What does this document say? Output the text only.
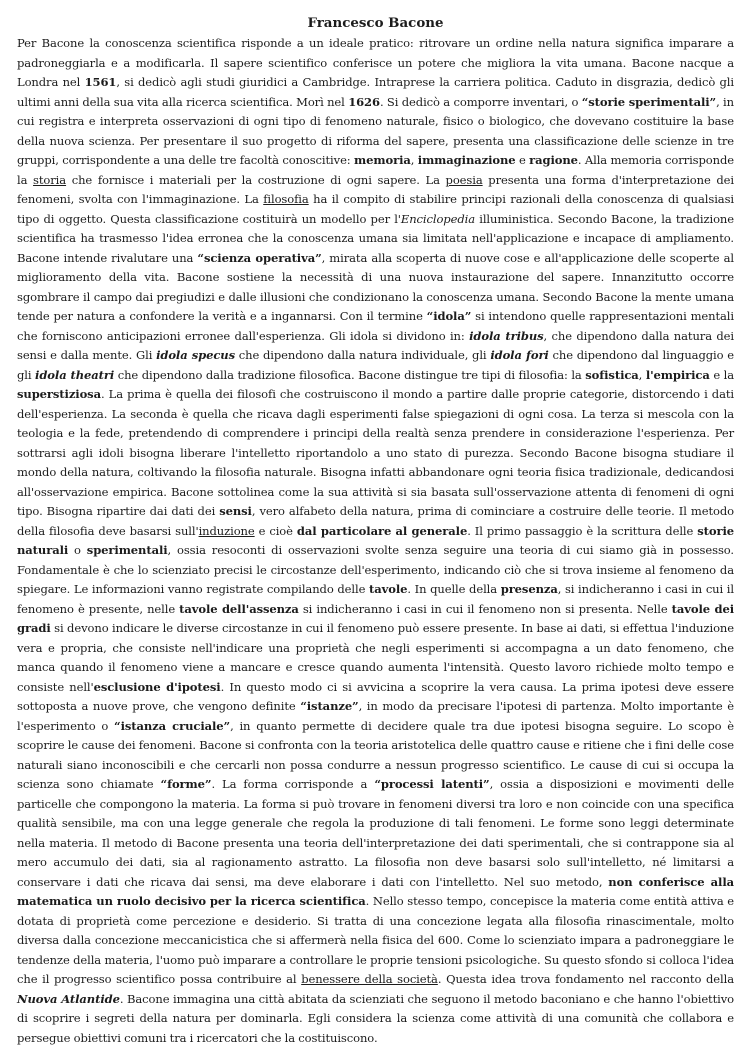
Francesco Bacone

Per Bacone la conoscenza scientifica risponde a un ideale pratico: ritrovare un ordine nella natura significa imparare a padroneggiarla e a modificarla. Il sapere scientifico conferisce un potere che migliora la vita umana. Bacone nacque a Londra nel 1561, si dedicò agli studi giuridici a Cambridge. Intraprese la carriera politica. Caduto in disgrazia, dedicò gli ultimi anni della sua vita alla ricerca scientifica. Morì nel 1626. Si dedicò a comporre inventari, o “storie sperimentali”, in cui registra e interpreta osservazioni di ogni tipo di fenomeno naturale, fisico o biologico, che dovevano costituire la base della nuova scienza. Per presentare il suo progetto di riforma del sapere, presenta una classificazione delle scienze in tre gruppi, corrispondente a una delle tre facoltà conoscitive: memoria, immaginazione e ragione. Alla memoria corrisponde la storia che fornisce i materiali per la costruzione di ogni sapere. La poesia presenta una forma d'interpretazione dei fenomeni, svolta con l'immaginazione. La filosofia ha il compito di stabilire principi razionali della conoscenza di qualsiasi tipo di oggetto. Questa classificazione costituirà un modello per l'Enciclopedia illuministica. Secondo Bacone, la tradizione scientifica ha trasmesso l'idea erronea che la conoscenza umana sia limitata nell'applicazione e incapace di ampliamento. Bacone intende rivalutare una “scienza operativa”, mirata alla scoperta di nuove cose e all'applicazione delle scoperte al miglioramento della vita. Bacone sostiene la necessità di una nuova instaurazione del sapere. Innanzitutto occorre sgombrare il campo dai pregiudizi e dalle illusioni che condizionano la conoscenza umana. Secondo Bacone la mente umana tende per natura a confondere la verità e a ingannarsi. Con il termine “idola” si intendono quelle rappresentazioni mentali che forniscono anticipazioni erronee dall'esperienza. Gli idola si dividono in: idola tribus, che dipendono dalla natura dei sensi e dalla mente. Gli idola specus che dipendono dalla natura individuale, gli idola fori che dipendono dal linguaggio e gli idola theatri che dipendono dalla tradizione filosofica. Bacone distingue tre tipi di filosofia: la sofistica, l'empirica e la superstiziosa. La prima è quella dei filosofi che costruiscono il mondo a partire dalle proprie categorie, distorcendo i dati dell'esperienza. La seconda è quella che ricava dagli esperimenti false spiegazioni di ogni cosa. La terza si mescola con la teologia e la fede, pretendendo di comprendere i principi della realtà senza prendere in considerazione l'esperienza. Per sottrarsi agli idoli bisogna liberare l'intelletto riportandolo a uno stato di purezza. Secondo Bacone bisogna studiare il mondo della natura, coltivando la filosofia naturale. Bisogna infatti abbandonare ogni teoria fisica tradizionale, dedicandosi all'osservazione empirica. Bacone sottolinea come la sua attività si sia basata sull'osservazione attenta di fenomeni di ogni tipo. Bisogna ripartire dai dati dei sensi, vero alfabeto della natura, prima di cominciare a costruire delle teorie. Il metodo della filosofia deve basarsi sull'induzione e cioè dal particolare al generale. Il primo passaggio è la scrittura delle storie naturali o sperimentali, ossia resoconti di osservazioni svolte senza seguire una teoria di cui siamo già in possesso. Fondamentale è che lo scienziato precisi le circostanze dell'esperimento, indicando ciò che si trova insieme al fenomeno da spiegare. Le informazioni vanno registrate compilando delle tavole. In quelle della presenza, si indicheranno i casi in cui il fenomeno è presente, nelle tavole dell'assenza si indicheranno i casi in cui il fenomeno non si presenta. Nelle tavole dei gradi si devono indicare le diverse circostanze in cui il fenomeno può essere presente. In base ai dati, si effettua l'induzione vera e propria, che consiste nell'indicare una proprietà che negli esperimenti si accompagna a un dato fenomeno, che manca quando il fenomeno viene a mancare e cresce quando aumenta l'intensità. Questo lavoro richiede molto tempo e consiste nell'esclusione d'ipotesi. In questo modo ci si avvicina a scoprire la vera causa. La prima ipotesi deve essere sottoposta a nuove prove, che vengono definite “istanze”, in modo da precisare l'ipotesi di partenza. Molto importante è l'esperimento o “istanza cruciale”, in quanto permette di decidere quale tra due ipotesi bisogna seguire. Lo scopo è scoprire le cause dei fenomeni. Bacone si confronta con la teoria aristotelica delle quattro cause e ritiene che i fini delle cose naturali siano inconoscibili e che cercarli non possa condurre a nessun progresso scientifico. Le cause di cui si occupa la scienza sono chiamate “forme”. La forma corrisponde a “processi latenti”, ossia a disposizioni e movimenti delle particelle che compongono la materia. La forma si può trovare in fenomeni diversi tra loro e non coincide con una specifica qualità sensibile, ma con una legge generale che regola la produzione di tali fenomeni. Le forme sono leggi determinate nella materia. Il metodo di Bacone presenta una teoria dell'interpretazione dei dati sperimentali, che si contrappone sia al mero accumulo dei dati, sia al ragionamento astratto. La filosofia non deve basarsi solo sull'intelletto, né limitarsi a conservare i dati che ricava dai sensi, ma deve elaborare i dati con l'intelletto. Nel suo metodo, non conferisce alla matematica un ruolo decisivo per la ricerca scientifica. Nello stesso tempo, concepisce la materia come entità attiva e dotata di proprietà come percezione e desiderio. Si tratta di una concezione legata alla filosofia rinascimentale, molto diversa dalla concezione meccanicistica che si affermerà nella fisica del 600. Come lo scienziato impara a padroneggiare le tendenze della materia, l'uomo può imparare a controllare le proprie tensioni psicologiche. Su questo sfondo si colloca l'idea che il progresso scientifico possa contribuire al benessere della società. Questa idea trova fondamento nel racconto della Nuova Atlantide. Bacone immagina una città abitata da scienziati che seguono il metodo baconiano e che hanno l'obiettivo di scoprire i segreti della natura per dominarla. Egli considera la scienza come attività di una comunità che collabora e persegue obiettivi comuni tra i ricercatori che la costituiscono.
